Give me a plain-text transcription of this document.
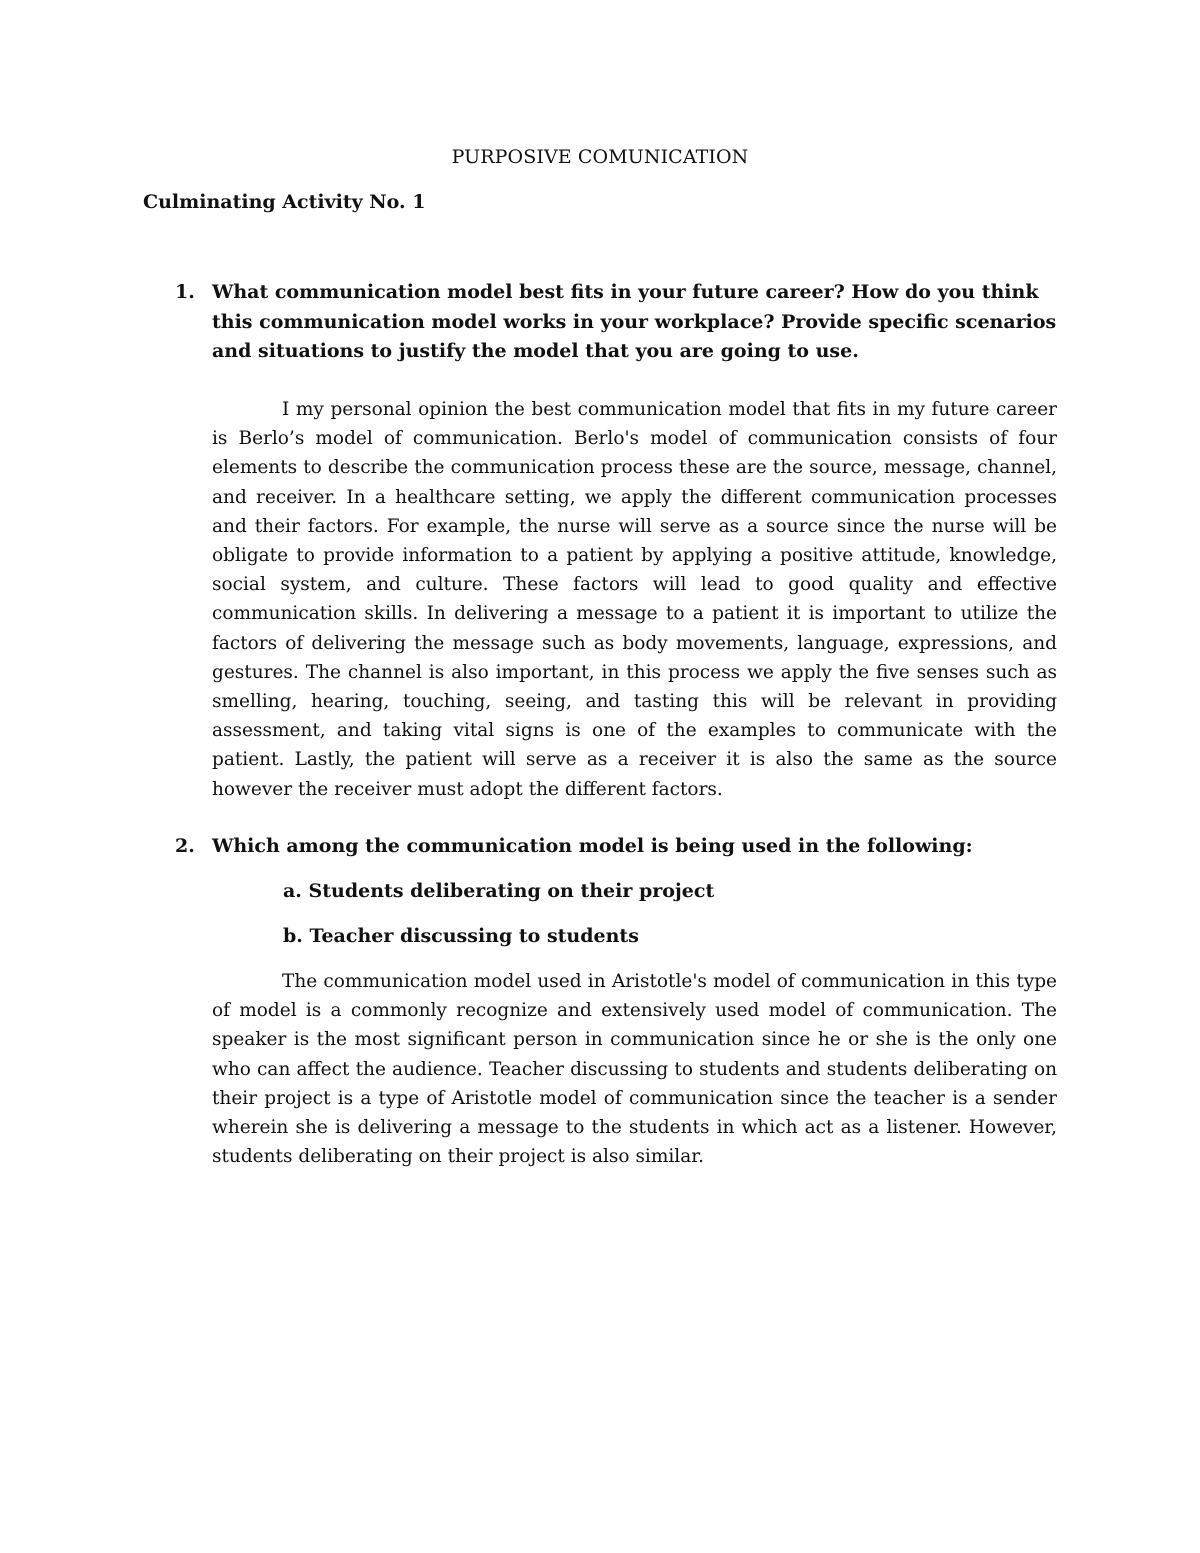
PURPOSIVE COMUNICATION
Culminating Activity No. 1
1. What communication model best fits in your future career? How do you think this communication model works in your workplace? Provide specific scenarios and situations to justify the model that you are going to use.

I my personal opinion the best communication model that fits in my future career is Berlo’s model of communication. Berlo's model of communication consists of four elements to describe the communication process these are the source, message, channel, and receiver. In a healthcare setting, we apply the different communication processes and their factors. For example, the nurse will serve as a source since the nurse will be obligate to provide information to a patient by applying a positive attitude, knowledge, social system, and culture. These factors will lead to good quality and effective communication skills. In delivering a message to a patient it is important to utilize the factors of delivering the message such as body movements, language, expressions, and gestures. The channel is also important, in this process we apply the five senses such as smelling, hearing, touching, seeing, and tasting this will be relevant in providing assessment, and taking vital signs is one of the examples to communicate with the patient. Lastly, the patient will serve as a receiver it is also the same as the source however the receiver must adopt the different factors.

2. Which among the communication model is being used in the following:
a. Students deliberating on their project
b. Teacher discussing to students

The communication model used in Aristotle's model of communication in this type of model is a commonly recognize and extensively used model of communication. The speaker is the most significant person in communication since he or she is the only one who can affect the audience. Teacher discussing to students and students deliberating on their project is a type of Aristotle model of communication since the teacher is a sender wherein she is delivering a message to the students in which act as a listener. However, students deliberating on their project is also similar.
